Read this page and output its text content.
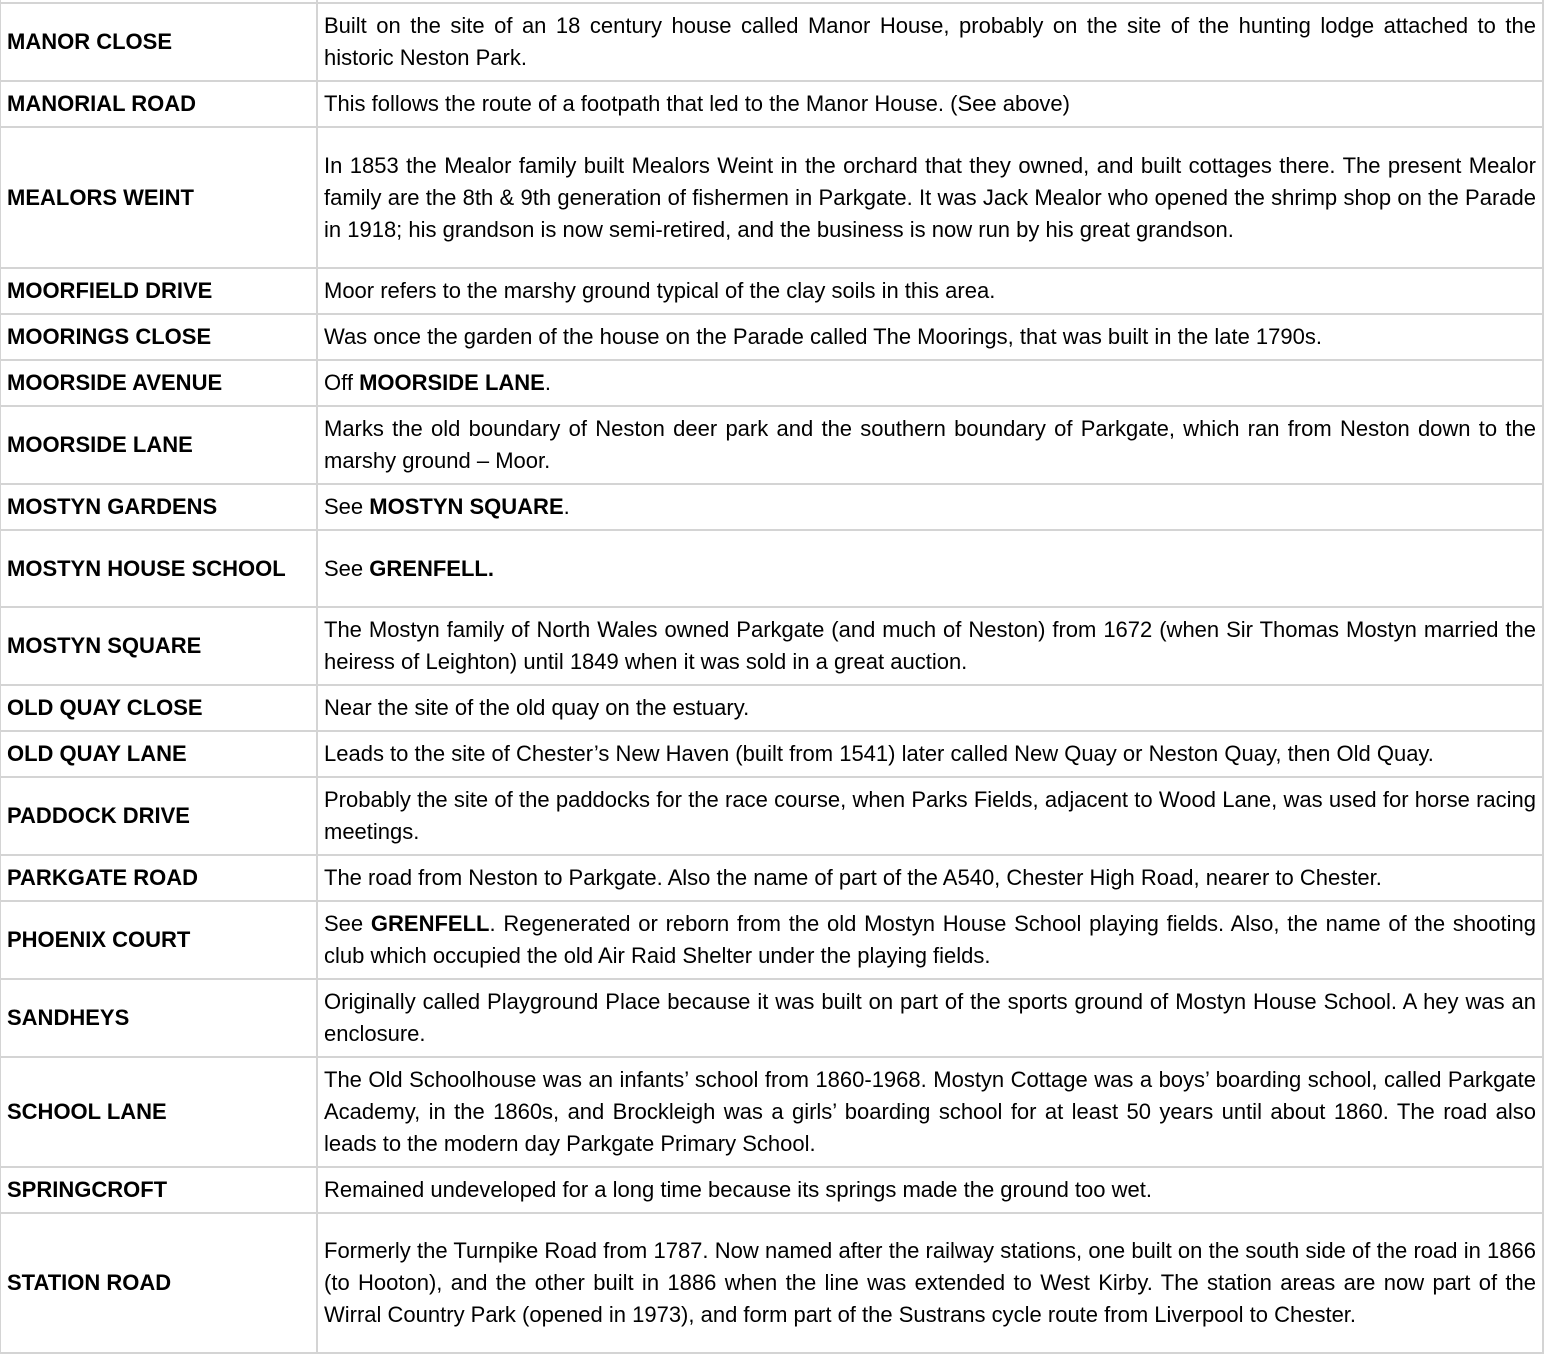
MANOR CLOSE	Built on the site of an 18 century house called Manor House, probably on the site of the hunting lodge attached to the historic Neston Park.

MANORIAL ROAD	This follows the route of a footpath that led to the Manor House. (See above)

MEALORS WEINT	In 1853 the Mealor family built Mealors Weint in the orchard that they owned, and built cottages there. The present Mealor family are the 8th & 9th generation of fishermen in Parkgate. It was Jack Mealor who opened the shrimp shop on the Parade in 1918; his grandson is now semi-retired, and the business is now run by his great grandson.

MOORFIELD DRIVE	Moor refers to the marshy ground typical of the clay soils in this area.

MOORINGS CLOSE	Was once the garden of the house on the Parade called The Moorings, that was built in the late 1790s.

MOORSIDE AVENUE	Off MOORSIDE LANE.

MOORSIDE LANE	Marks the old boundary of Neston deer park and the southern boundary of Parkgate, which ran from Neston down to the marshy ground – Moor.

MOSTYN GARDENS	See MOSTYN SQUARE.

MOSTYN HOUSE SCHOOL	See GRENFELL.

MOSTYN SQUARE	The Mostyn family of North Wales owned Parkgate (and much of Neston) from 1672 (when Sir Thomas Mostyn married the heiress of Leighton) until 1849 when it was sold in a great auction.

OLD QUAY CLOSE	Near the site of the old quay on the estuary.

OLD QUAY LANE	Leads to the site of Chester’s New Haven (built from 1541) later called New Quay or Neston Quay, then Old Quay.

PADDOCK DRIVE	Probably the site of the paddocks for the race course, when Parks Fields, adjacent to Wood Lane, was used for horse racing meetings.

PARKGATE ROAD	The road from Neston to Parkgate. Also the name of part of the A540, Chester High Road, nearer to Chester.

PHOENIX COURT	See GRENFELL. Regenerated or reborn from the old Mostyn House School playing fields. Also, the name of the shooting club which occupied the old Air Raid Shelter under the playing fields.

SANDHEYS	Originally called Playground Place because it was built on part of the sports ground of Mostyn House School. A hey was an enclosure.

SCHOOL LANE	The Old Schoolhouse was an infants’ school from 1860-1968. Mostyn Cottage was a boys’ boarding school, called Parkgate Academy, in the 1860s, and Brockleigh was a girls’ boarding school for at least 50 years until about 1860. The road also leads to the modern day Parkgate Primary School.

SPRINGCROFT	Remained undeveloped for a long time because its springs made the ground too wet.

STATION ROAD	Formerly the Turnpike Road from 1787. Now named after the railway stations, one built on the south side of the road in 1866 (to Hooton), and the other built in 1886 when the line was extended to West Kirby. The station areas are now part of the Wirral Country Park (opened in 1973), and form part of the Sustrans cycle route from Liverpool to Chester.
